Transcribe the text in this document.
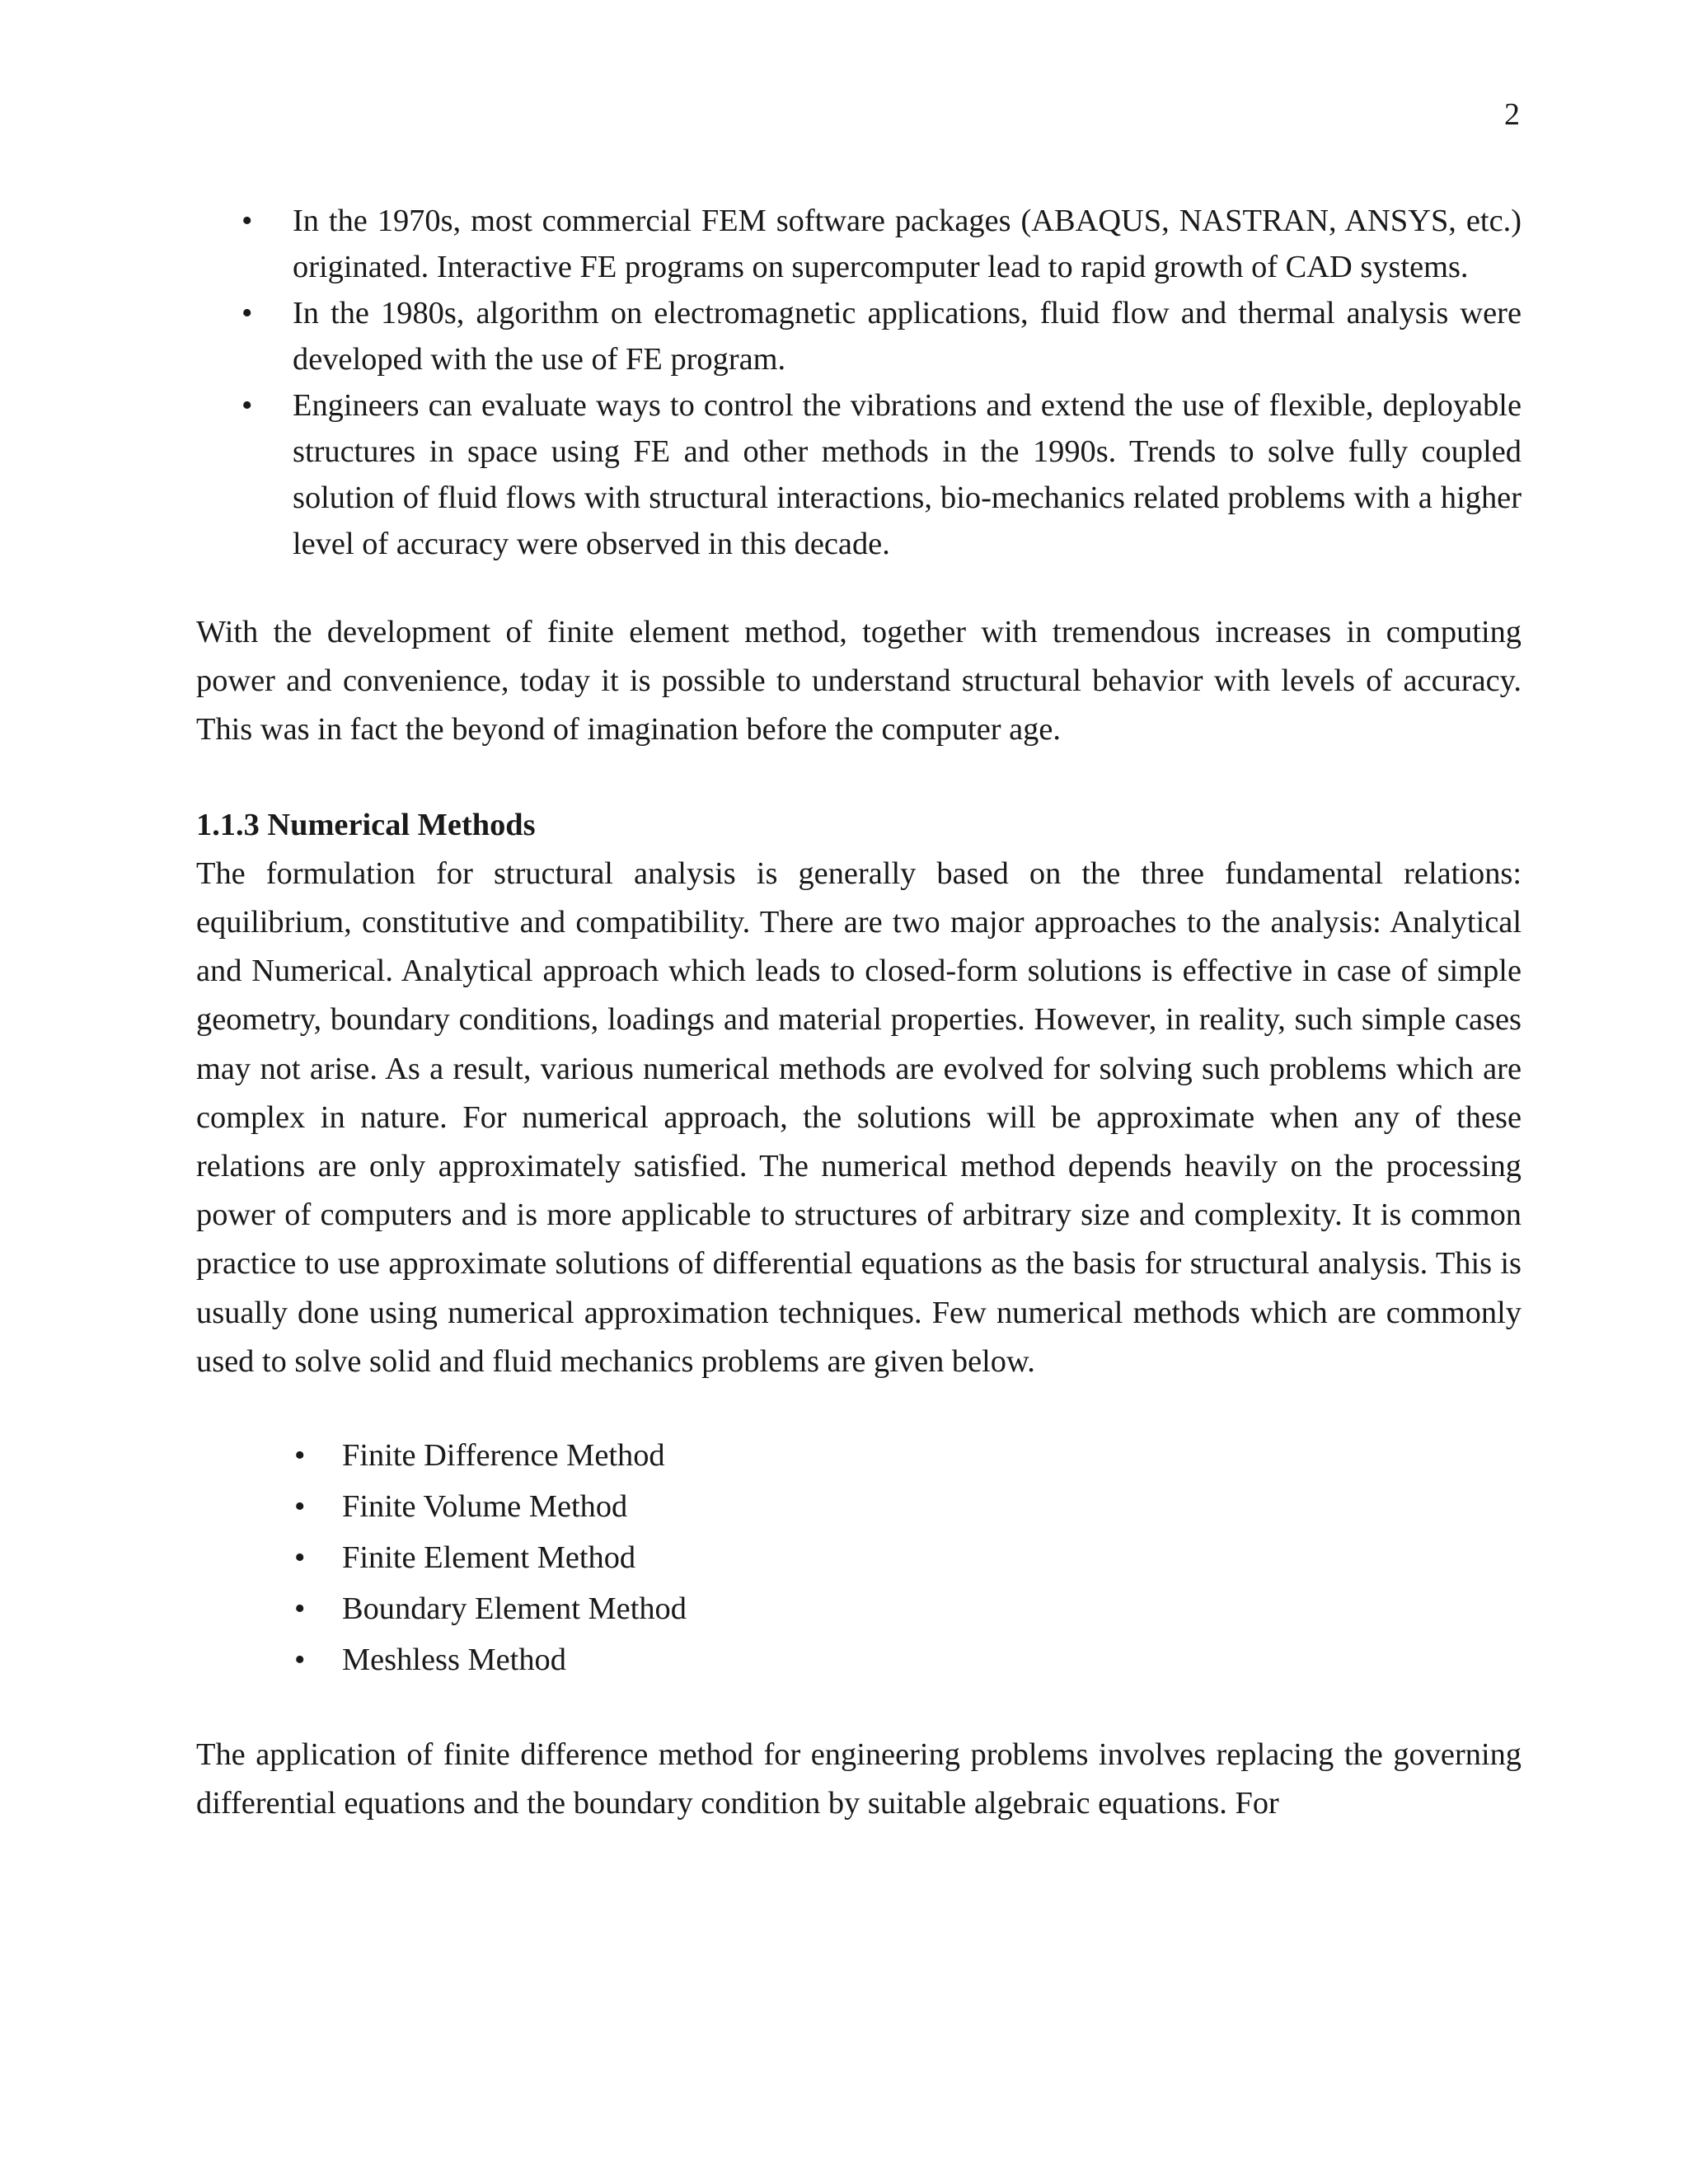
2
• In the 1970s, most commercial FEM software packages (ABAQUS, NASTRAN, ANSYS, etc.) originated. Interactive FE programs on supercomputer lead to rapid growth of CAD systems.
• In the 1980s, algorithm on electromagnetic applications, fluid flow and thermal analysis were developed with the use of FE program.
• Engineers can evaluate ways to control the vibrations and extend the use of flexible, deployable structures in space using FE and other methods in the 1990s. Trends to solve fully coupled solution of fluid flows with structural interactions, bio-mechanics related problems with a higher level of accuracy were observed in this decade.

With the development of finite element method, together with tremendous increases in computing power and convenience, today it is possible to understand structural behavior with levels of accuracy. This was in fact the beyond of imagination before the computer age.

1.1.3 Numerical Methods

The formulation for structural analysis is generally based on the three fundamental relations: equilibrium, constitutive and compatibility. There are two major approaches to the analysis: Analytical and Numerical. Analytical approach which leads to closed-form solutions is effective in case of simple geometry, boundary conditions, loadings and material properties. However, in reality, such simple cases may not arise. As a result, various numerical methods are evolved for solving such problems which are complex in nature. For numerical approach, the solutions will be approximate when any of these relations are only approximately satisfied. The numerical method depends heavily on the processing power of computers and is more applicable to structures of arbitrary size and complexity. It is common practice to use approximate solutions of differential equations as the basis for structural analysis. This is usually done using numerical approximation techniques. Few numerical methods which are commonly used to solve solid and fluid mechanics problems are given below.

• Finite Difference Method
• Finite Volume Method
• Finite Element Method
• Boundary Element Method
• Meshless Method

The application of finite difference method for engineering problems involves replacing the governing differential equations and the boundary condition by suitable algebraic equations. For
